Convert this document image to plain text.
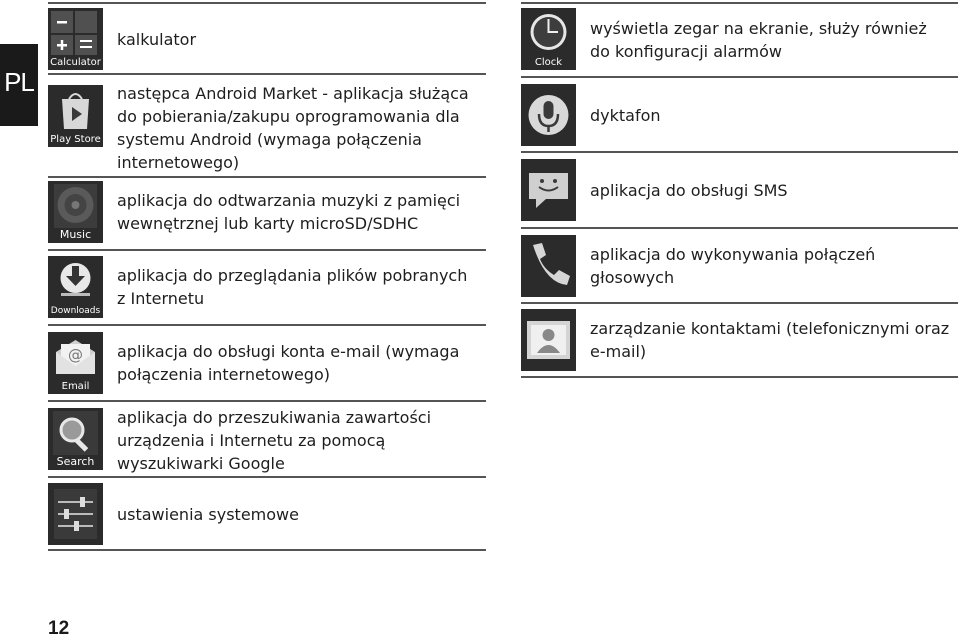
PL
Calculator
kalkulator
Play Store
następca Android Market - aplikacja służąca do pobierania/zakupu oprogramowania dla systemu Android (wymaga połączenia internetowego)
Music
aplikacja do odtwarzania muzyki z pamięci wewnętrznej lub karty microSD/SDHC
Downloads
aplikacja do przeglądania plików pobranych z Internetu
@
Email
aplikacja do obsługi konta e-mail (wymaga połączenia internetowego)
Search
aplikacja do przeszukiwania zawartości urządzenia i Internetu za pomocą wyszukiwarki Google
ustawienia systemowe
Clock
wyświetla zegar na ekranie, służy również do konfiguracji alarmów
dyktafon
aplikacja do obsługi SMS
aplikacja do wykonywania połączeń głosowych
zarządzanie kontaktami (telefonicznymi oraz e-mail)
12
